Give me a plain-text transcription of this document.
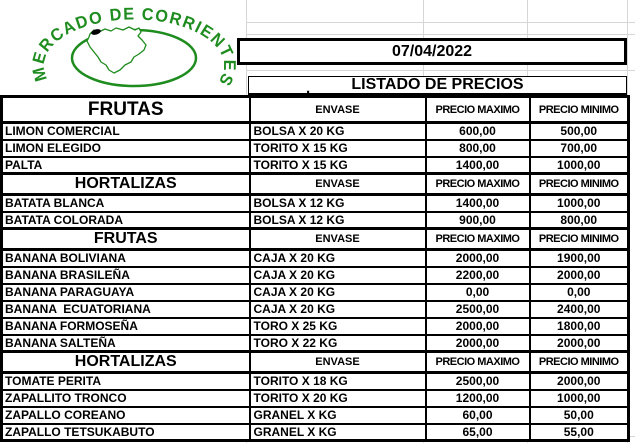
MERCADO DE CORRIENTES
07/04/2022
LISTADO DE PRECIOS
,
FRUTAS	ENVASE	PRECIO MAXIMO	PRECIO MINIMO
LIMON COMERCIAL	BOLSA X 20 KG	600,00	500,00
LIMON ELEGIDO	TORITO X 15 KG	800,00	700,00
PALTA	TORITO X 15 KG	1400,00	1000,00
HORTALIZAS	ENVASE	PRECIO MAXIMO	PRECIO MINIMO
BATATA BLANCA	BOLSA X 12 KG	1400,00	1000,00
BATATA COLORADA	BOLSA X 12 KG	900,00	800,00
FRUTAS	ENVASE	PRECIO MAXIMO	PRECIO MINIMO
BANANA BOLIVIANA	CAJA X 20 KG	2000,00	1900,00
BANANA BRASILEÑA	CAJA X 20 KG	2200,00	2000,00
BANANA PARAGUAYA	CAJA X 20 KG	0,00	0,00
BANANA  ECUATORIANA	CAJA X 20 KG	2500,00	2400,00
BANANA FORMOSEÑA	TORO X 25 KG	2000,00	1800,00
BANANA SALTEÑA	TORO X 22 KG	2000,00	2000,00
HORTALIZAS	ENVASE	PRECIO MAXIMO	PRECIO MINIMO
TOMATE PERITA	TORITO X 18 KG	2500,00	2000,00
ZAPALLITO TRONCO	TORITO X 20 KG	1200,00	1000,00
ZAPALLO COREANO	GRANEL X KG	60,00	50,00
ZAPALLO TETSUKABUTO	GRANEL X KG	65,00	55,00
